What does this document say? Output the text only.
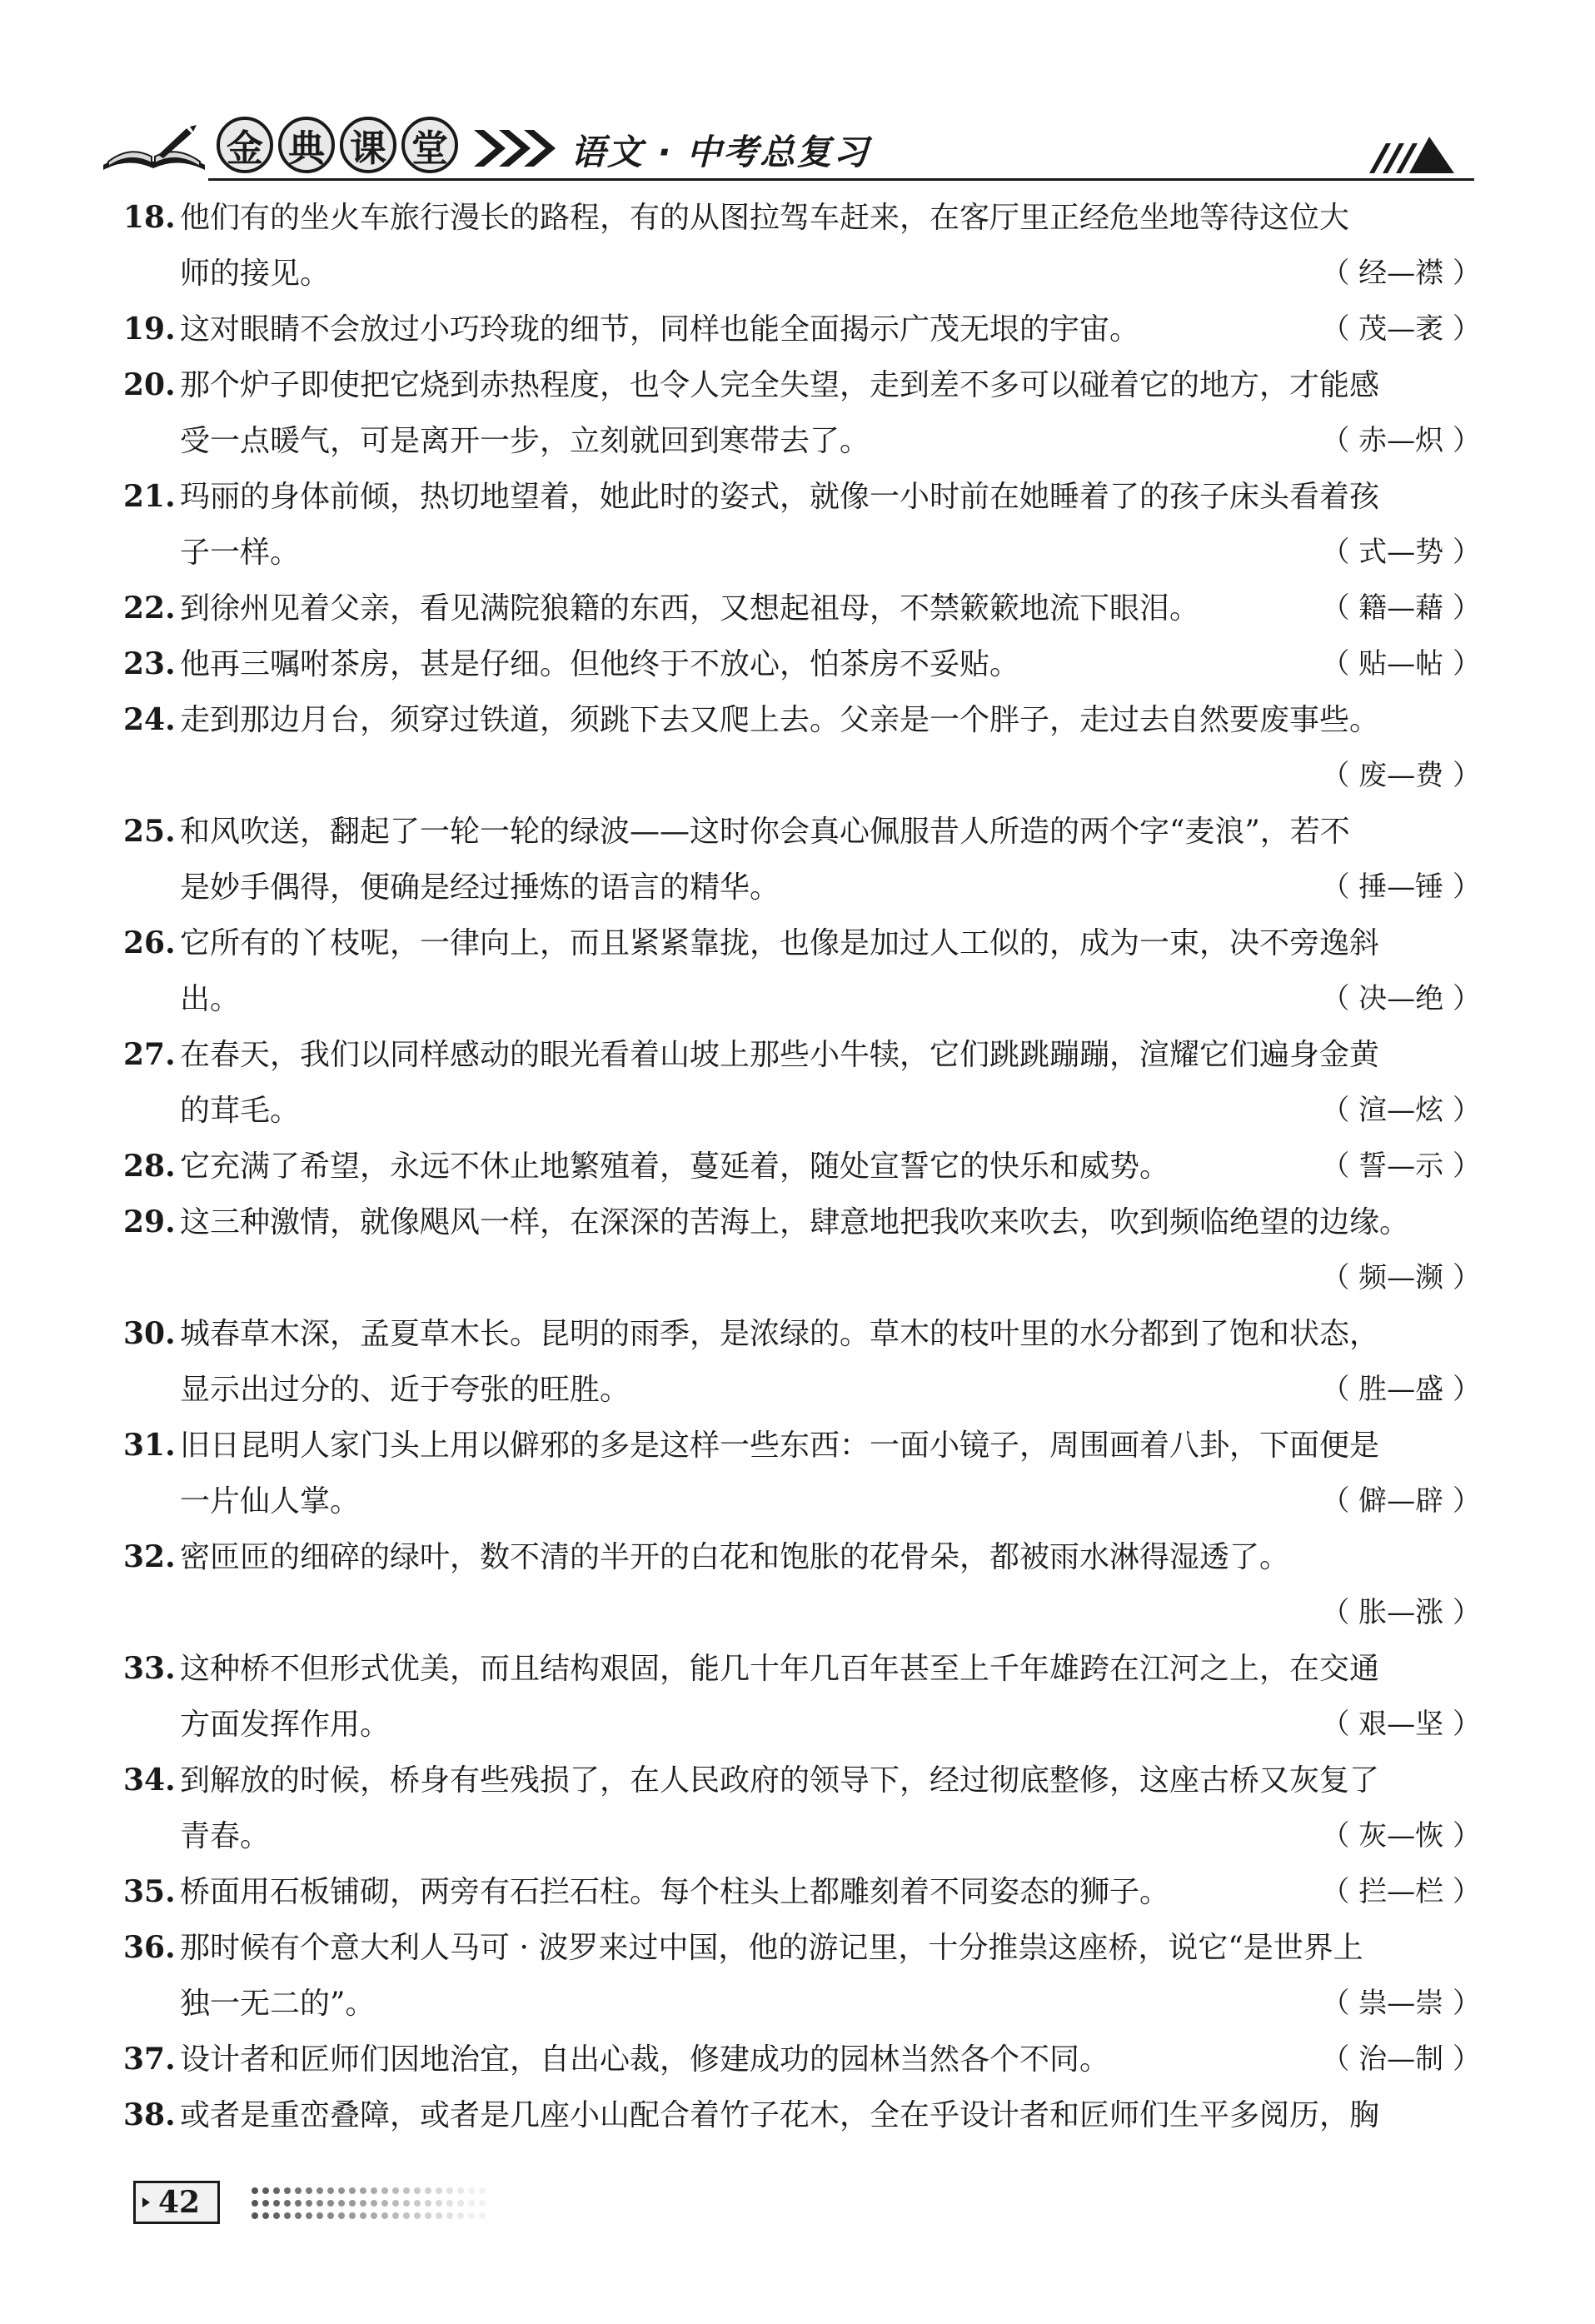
金 典 课 堂	语文 · 中考总复习
18. 他们有的坐火车旅行漫长的路程，有的从图拉驾车赶来，在客厅里正经危坐地等待这位大
师的接见。	（ 经—襟 ）
19. 这对眼睛不会放过小巧玲珑的细节，同样也能全面揭示广茂无垠的宇宙。	（ 茂—袤 ）
20. 那个炉子即使把它烧到赤热程度，也令人完全失望，走到差不多可以碰着它的地方，才能感
受一点暖气，可是离开一步，立刻就回到寒带去了。	（ 赤—炽 ）
21. 玛丽的身体前倾，热切地望着，她此时的姿式，就像一小时前在她睡着了的孩子床头看着孩
子一样。	（ 式—势 ）
22. 到徐州见着父亲，看见满院狼籍的东西，又想起祖母，不禁簌簌地流下眼泪。	（ 籍—藉 ）
23. 他再三嘱咐茶房，甚是仔细。但他终于不放心，怕茶房不妥贴。	（ 贴—帖 ）
24. 走到那边月台，须穿过铁道，须跳下去又爬上去。父亲是一个胖子，走过去自然要废事些。
（ 废—费 ）
25. 和风吹送，翻起了一轮一轮的绿波——这时你会真心佩服昔人所造的两个字“麦浪”，若不
是妙手偶得，便确是经过捶炼的语言的精华。	（ 捶—锤 ）
26. 它所有的丫枝呢，一律向上，而且紧紧靠拢，也像是加过人工似的，成为一束，决不旁逸斜
出。	（ 决—绝 ）
27. 在春天，我们以同样感动的眼光看着山坡上那些小牛犊，它们跳跳蹦蹦，渲耀它们遍身金黄
的茸毛。	（ 渲—炫 ）
28. 它充满了希望，永远不休止地繁殖着，蔓延着，随处宣誓它的快乐和威势。	（ 誓—示 ）
29. 这三种激情，就像飓风一样，在深深的苦海上，肆意地把我吹来吹去，吹到频临绝望的边缘。
（ 频—濒 ）
30. 城春草木深，孟夏草木长。昆明的雨季，是浓绿的。草木的枝叶里的水分都到了饱和状态，
显示出过分的、近于夸张的旺胜。	（ 胜—盛 ）
31. 旧日昆明人家门头上用以僻邪的多是这样一些东西：一面小镜子，周围画着八卦，下面便是
一片仙人掌。	（ 僻—辟 ）
32. 密匝匝的细碎的绿叶，数不清的半开的白花和饱胀的花骨朵，都被雨水淋得湿透了。
（ 胀—涨 ）
33. 这种桥不但形式优美，而且结构艰固，能几十年几百年甚至上千年雄跨在江河之上，在交通
方面发挥作用。	（ 艰—坚 ）
34. 到解放的时候，桥身有些残损了，在人民政府的领导下，经过彻底整修，这座古桥又灰复了
青春。	（ 灰—恢 ）
35. 桥面用石板铺砌，两旁有石拦石柱。每个柱头上都雕刻着不同姿态的狮子。	（ 拦—栏 ）
36. 那时候有个意大利人马可 · 波罗来过中国，他的游记里，十分推祟这座桥，说它“是世界上
独一无二的”。	（ 祟—崇 ）
37. 设计者和匠师们因地治宜，自出心裁，修建成功的园林当然各个不同。	（ 治—制 ）
38. 或者是重峦叠障，或者是几座小山配合着竹子花木，全在乎设计者和匠师们生平多阅历，胸
42
